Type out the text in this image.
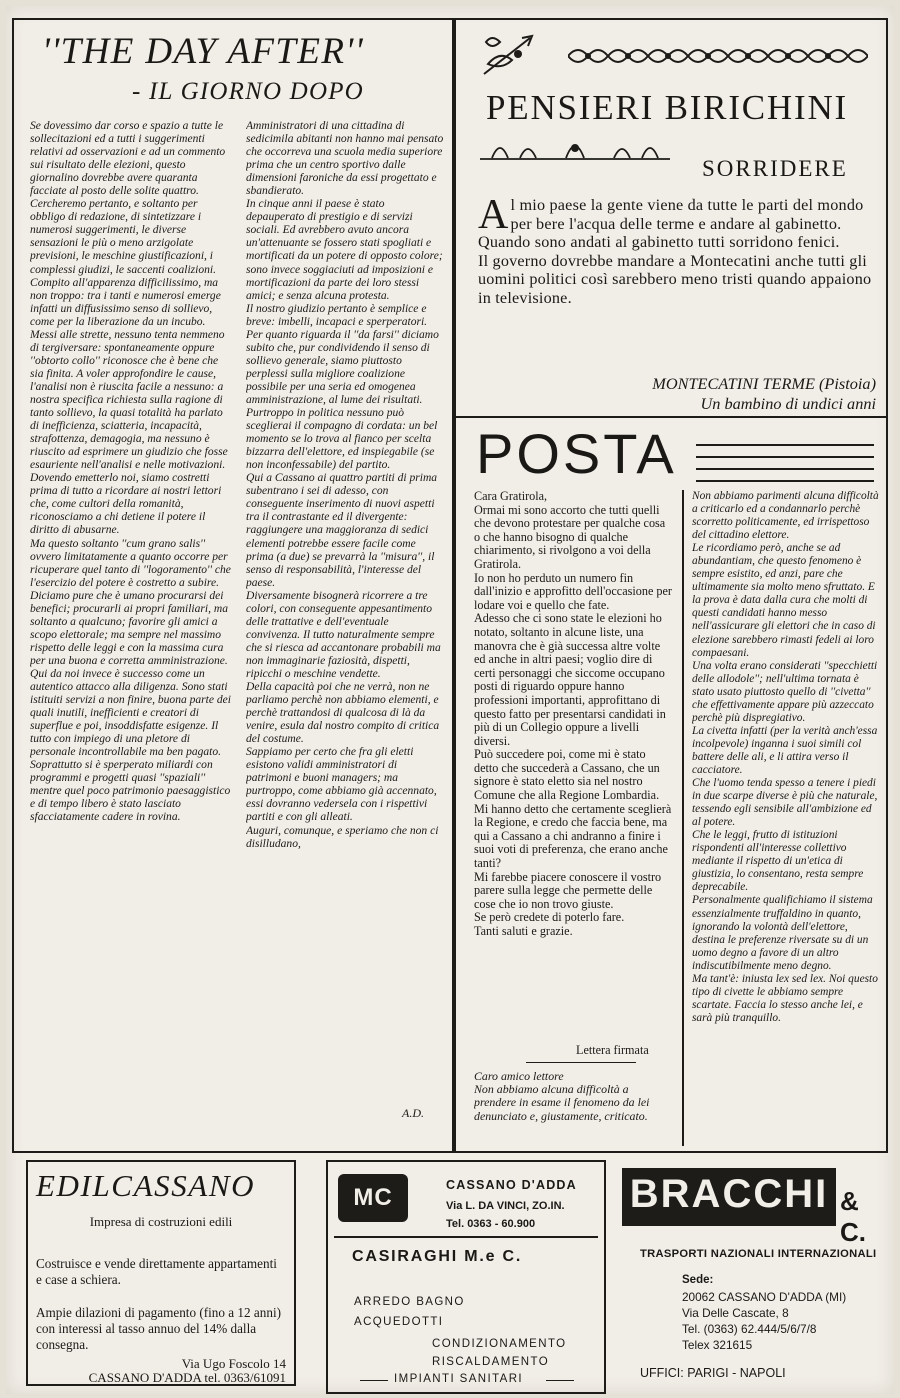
''THE DAY AFTER''
- IL GIORNO DOPO

Se dovessimo dar corso e spazio a tutte le sollecitazioni ed a tutti i suggerimenti relativi ad osservazioni e ad un commento sui risultato delle elezioni, questo giornalino dovrebbe avere quaranta facciate al posto delle solite quattro. Cercheremo pertanto, e soltanto per obbligo di redazione, di sintetizzare i numerosi suggerimenti, le diverse sensazioni le più o meno arzigolate previsioni, le meschine giustificazioni, i complessi giudizi, le saccenti coalizioni.

Compito all'apparenza difficilissimo, ma non troppo: tra i tanti e numerosi emerge infatti un diffusissimo senso di sollievo, come per la liberazione da un incubo.

Messi alle strette, nessuno tenta nemmeno di tergiversare: spontaneamente oppure ''obtorto collo'' riconosce che è bene che sia finita. A voler approfondire le cause, l'analisi non è riuscita facile a nessuno: a nostra specifica richiesta sulla ragione di tanto sollievo, la quasi totalità ha parlato di inefficienza, sciatteria, incapacità, strafottenza, demagogia, ma nessuno è riuscito ad esprimere un giudizio che fosse esauriente nell'analisi e nelle motivazioni.

Dovendo emetterlo noi, siamo costretti prima di tutto a ricordare ai nostri lettori che, come cultori della romanità, riconosciamo a chi detiene il potere il diritto di abusarne.

Ma questo soltanto ''cum grano salis'' ovvero limitatamente a quanto occorre per ricuperare quel tanto di ''logoramento'' che l'esercizio del potere è costretto a subire.

Diciamo pure che è umano procurarsi dei benefici; procurarli ai propri familiari, ma soltanto a qualcuno; favorire gli amici a scopo elettorale; ma sempre nel massimo rispetto delle leggi e con la massima cura per una buona e corretta amministrazione.

Qui da noi invece è successo come un autentico attacco alla diligenza. Sono stati istituiti servizi a non finire, buona parte dei quali inutili, inefficienti e creatori di superflue e poi, insoddisfatte esigenze. Il tutto con impiego di una pletore di personale incontrollabile ma ben pagato. Soprattutto si è sperperato miliardi con programmi e progetti quasi ''spaziali'' mentre quel poco patrimonio paesaggistico e di tempo libero è stato lasciato sfacciatamente cadere in rovina.

Amministratori di una cittadina di sedicimila abitanti non hanno mai pensato che occorreva una scuola media superiore prima che un centro sportivo dalle dimensioni faroniche da essi progettato e sbandierato.

In cinque anni il paese è stato depauperato di prestigio e di servizi sociali. Ed avrebbero avuto ancora un'attenuante se fossero stati spogliati e mortificati da un potere di opposto colore; sono invece soggiaciuti ad imposizioni e mortificazioni da parte dei loro stessi amici; e senza alcuna protesta.

Il nostro giudizio pertanto è semplice e breve: imbelli, incapaci e sperperatori.

Per quanto riguarda il ''da farsi'' diciamo subito che, pur condividendo il senso di sollievo generale, siamo piuttosto perplessi sulla migliore coalizione possibile per una seria ed omogenea amministrazione, al lume dei risultati.

Purtroppo in politica nessuno può sceglierai il compagno di cordata: un bel momento se lo trova al fianco per scelta bizzarra dell'elettore, ed inspiegabile (se non inconfessabile) del partito.

Qui a Cassano ai quattro partiti di prima subentrano i sei di adesso, con conseguente inserimento di nuovi aspetti tra il contrastante ed il divergente: raggiungere una maggioranza di sedici elementi potrebbe essere facile come prima (a due) se prevarrà la ''misura'', il senso di responsabilità, l'interesse del paese.

Diversamente bisognerà ricorrere a tre colori, con conseguente appesantimento delle trattative e dell'eventuale convivenza. Il tutto naturalmente sempre che si riesca ad accantonare probabili ma non immaginarie faziosità, dispetti, ripicchi o meschine vendette.

Della capacità poi che ne verrà, non ne parliamo perchè non abbiamo elementi, e perchè trattandosi di qualcosa di là da venire, esula dal nostro compito di critica del costume.

Sappiamo per certo che fra gli eletti esistono validi amministratori di patrimoni e buoni managers; ma purtroppo, come abbiamo già accennato, essi dovranno vedersela con i rispettivi partiti e con gli alleati.

Auguri, comunque, e speriamo che non ci disilludano,

A.D.
PENSIERI BIRICHINI
SORRIDERE

Al mio paese la gente viene da tutte le parti del mondo per bere l'acqua delle terme e andare al gabinetto.

Quando sono andati al gabinetto tutti sorridono fenici.

Il governo dovrebbe mandare a Montecatini anche tutti gli uomini politici così sarebbero meno tristi quando appaiono in televisione.

MONTECATINI TERME (Pistoia)
Un bambino di undici anni
POSTA

Cara Gratirola,

Ormai mi sono accorto che tutti quelli che devono protestare per qualche cosa o che hanno bisogno di qualche chiarimento, si rivolgono a voi della Gratirola.

Io non ho perduto un numero fin dall'inizio e approfitto dell'occasione per lodare voi e quello che fate.

Adesso che ci sono state le elezioni ho notato, soltanto in alcune liste, una manovra che è già successa altre volte ed anche in altri paesi; voglio dire di certi personaggi che siccome occupano posti di riguardo oppure hanno professioni importanti, approfittano di questo fatto per presentarsi candidati in più di un Collegio oppure a livelli diversi.

Può succedere poi, come mi è stato detto che succederà a Cassano, che un signore è stato eletto sia nel nostro Comune che alla Regione Lombardia.

Mi hanno detto che certamente sceglierà la Regione, e credo che faccia bene, ma qui a Cassano a chi andranno a finire i suoi voti di preferenza, che erano anche tanti?

Mi farebbe piacere conoscere il vostro parere sulla legge che permette delle cose che io non trovo giuste.

Se però credete di poterlo fare.

Tanti saluti e grazie.

Lettera firmata

Caro amico lettore

Non abbiamo alcuna difficoltà a prendere in esame il fenomeno da lei denunciato e, giustamente, criticato.

Non abbiamo parimenti alcuna difficoltà a criticarlo ed a condannarlo perchè scorretto politicamente, ed irrispettoso del cittadino elettore.

Le ricordiamo però, anche se ad abundantiam, che questo fenomeno è sempre esistito, ed anzi, pare che ultimamente sia molto meno sfruttato. E la prova è data dalla cura che molti di questi candidati hanno messo nell'assicurare gli elettori che in caso di elezione sarebbero rimasti fedeli ai loro compaesani.

Una volta erano considerati ''specchietti delle allodole''; nell'ultima tornata è stato usato piuttosto quello di ''civetta'' che effettivamente appare più azzeccato perchè più dispregiativo.

La civetta infatti (per la verità anch'essa incolpevole) inganna i suoi simili col battere delle ali, e li attira verso il cacciatore.

Che l'uomo tenda spesso a tenere i piedi in due scarpe diverse è più che naturale, tessendo egli sensibile all'ambizione ed al potere.

Che le leggi, frutto di istituzioni rispondenti all'interesse collettivo mediante il rispetto di un'etica di giustizia, lo consentano, resta sempre deprecabile.

Personalmente qualifichiamo il sistema essenzialmente truffaldino in quanto, ignorando la volontà dell'elettore, destina le preferenze riversate su di un uomo degno a favore di un altro indiscutibilmente meno degno.

Ma tant'è: iniusta lex sed lex. Noi questo tipo di civette le abbiamo sempre scartate. Faccia lo stesso anche lei, e sarà più tranquillo.

EDILCASSANO
Impresa di costruzioni edili
Costruisce e vende direttamente appartamenti e case a schiera.
Ampie dilazioni di pagamento (fino a 12 anni) con interessi al tasso annuo del 14% dalla consegna.
Via Ugo Foscolo 14
CASSANO D'ADDA tel. 0363/61091
MC	CASSANO D'ADDA
Via L. DA VINCI, ZO.IN.
Tel. 0363 - 60.900
CASIRAGHI M.e C.
ARREDO BAGNO
ACQUEDOTTI
CONDIZIONAMENTO
RISCALDAMENTO
IMPIANTI SANITARI
BRACCHI & C.
TRASPORTI NAZIONALI INTERNAZIONALI
Sede:
20062 CASSANO D'ADDA (MI)
Via Delle Cascate, 8
Tel. (0363) 62.444/5/6/7/8
Telex 321615
UFFICI: PARIGI - NAPOLI
